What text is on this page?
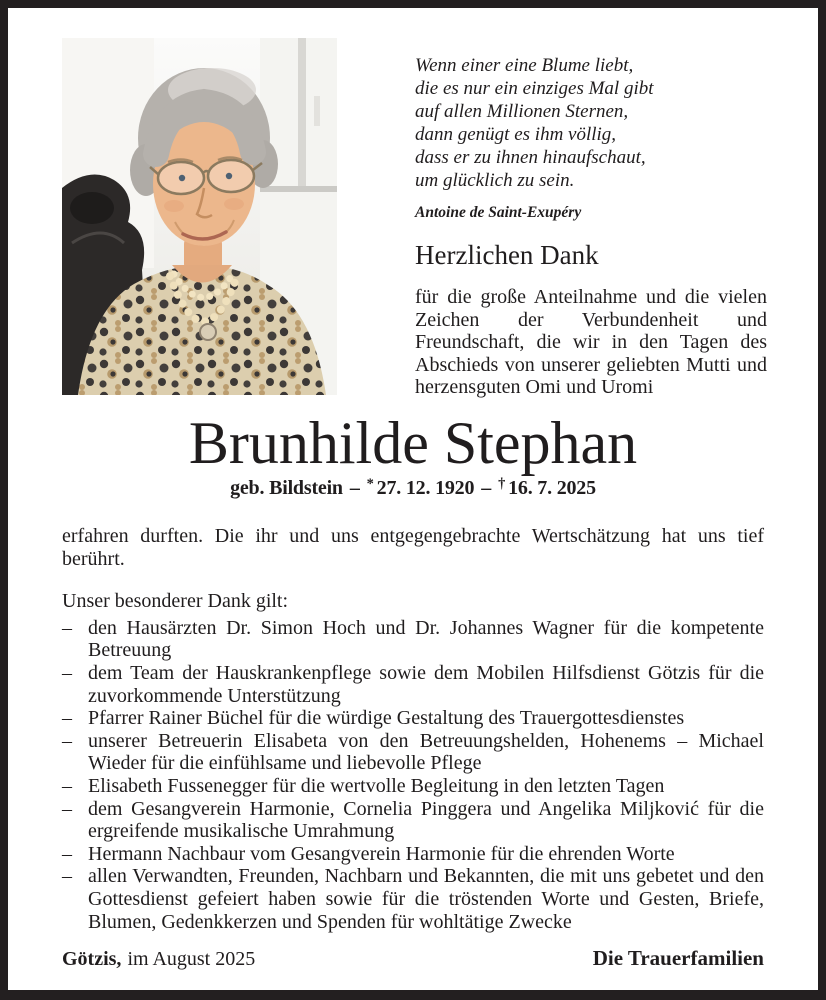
Wenn einer eine Blume liebt,
die es nur ein einziges Mal gibt
auf allen Millionen Sternen,
dann genügt es ihm völlig,
dass er zu ihnen hinaufschaut,
um glücklich zu sein.
Antoine de Saint-Exupéry
Herzlichen Dank
für die große Anteilnahme und die vielen Zeichen der Verbundenheit und Freundschaft, die wir in den Tagen des Abschieds von unserer geliebten Mutti und herzensguten Omi und Uromi
Brunhilde Stephan
geb. Bildstein – * 27. 12. 1920 – † 16. 7. 2025

erfahren durften. Die ihr und uns entgegengebrachte Wertschätzung hat uns tief berührt.

Unser besonderer Dank gilt:

– den Hausärzten Dr. Simon Hoch und Dr. Johannes Wagner für die kompetente Betreuung
– dem Team der Hauskrankenpflege sowie dem Mobilen Hilfsdienst Götzis für die zuvorkommende Unterstützung
– Pfarrer Rainer Büchel für die würdige Gestaltung des Trauergottesdienstes
– unserer Betreuerin Elisabeta von den Betreuungshelden, Hohenems – Michael Wieder für die einfühlsame und liebevolle Pflege
– Elisabeth Fussenegger für die wertvolle Begleitung in den letzten Tagen
– dem Gesangverein Harmonie, Cornelia Pinggera und Angelika Miljković für die ergreifende musikalische Umrahmung
– Hermann Nachbaur vom Gesangverein Harmonie für die ehrenden Worte
– allen Verwandten, Freunden, Nachbarn und Bekannten, die mit uns gebetet und den Gottesdienst gefeiert haben sowie für die tröstenden Worte und Gesten, Briefe, Blumen, Gedenkkerzen und Spenden für wohltätige Zwecke
Götzis, im August 2025	Die Trauerfamilien
